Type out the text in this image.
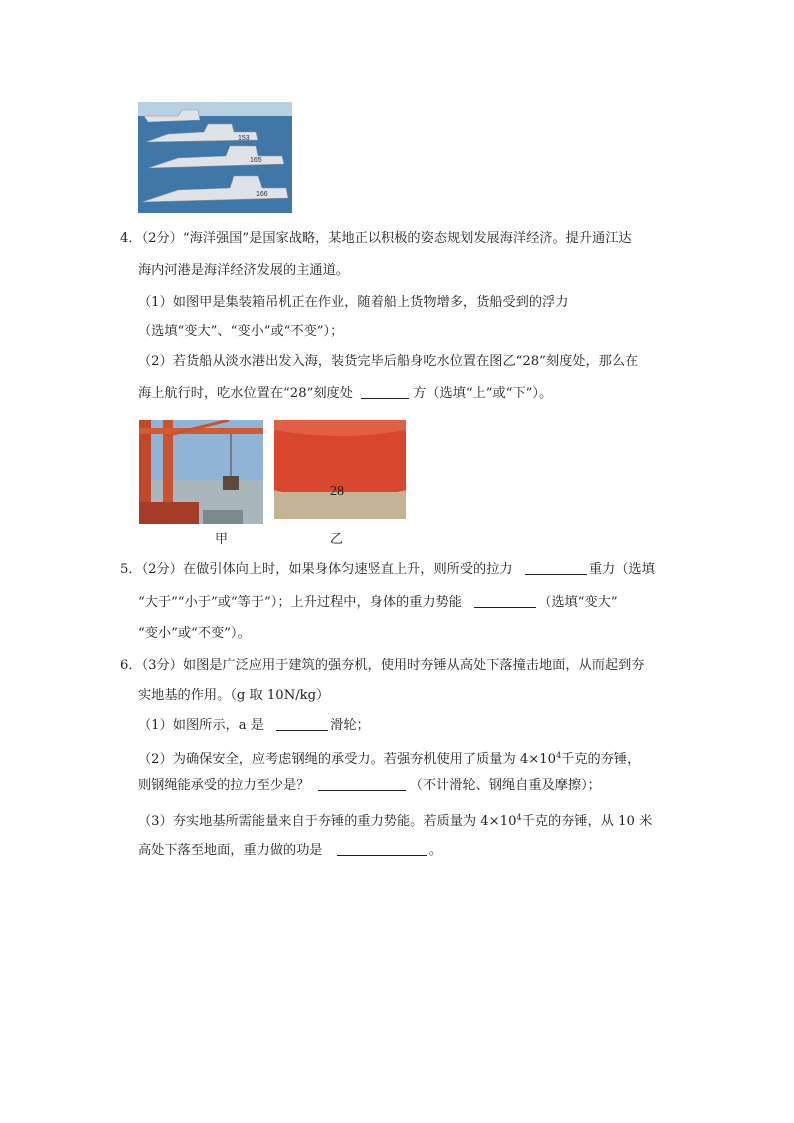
153
165
166
4．（2分）“海洋强国”是国家战略，某地正以积极的姿态规划发展海洋经济。提升通江达
海内河港是海洋经济发展的主通道。
（1）如图甲是集装箱吊机正在作业，随着船上货物增多，货船受到的浮力
（选填“变大”、“变小”或“不变”）；
（2）若货船从淡水港出发入海，装货完毕后船身吃水位置在图乙“28”刻度处，那么在
海上航行时，吃水位置在“28”刻度处	方（选填“上”或“下”）。
甲
28
乙
5．（2分）在做引体向上时，如果身体匀速竖直上升，则所受的拉力	重力（选填
“大于”“小于”或“等于”）；上升过程中，身体的重力势能	（选填“变大”
“变小”或“不变”）。
6．（3分）如图是广泛应用于建筑的强夯机，使用时夯锤从高处下落撞击地面，从而起到夯
实地基的作用。（g 取 10N/kg）
（1）如图所示，a 是	滑轮；
（2）为确保安全，应考虑钢绳的承受力。若强夯机使用了质量为 $4\times 10^4$千克的夯锤，
则钢绳能承受的拉力至少是？	（不计滑轮、钢绳自重及摩擦）；
（3）夯实地基所需能量来自于夯锤的重力势能。若质量为 $4\times 10^4$千克的夯锤，从 10 米
高处下落至地面，重力做的功是	。
